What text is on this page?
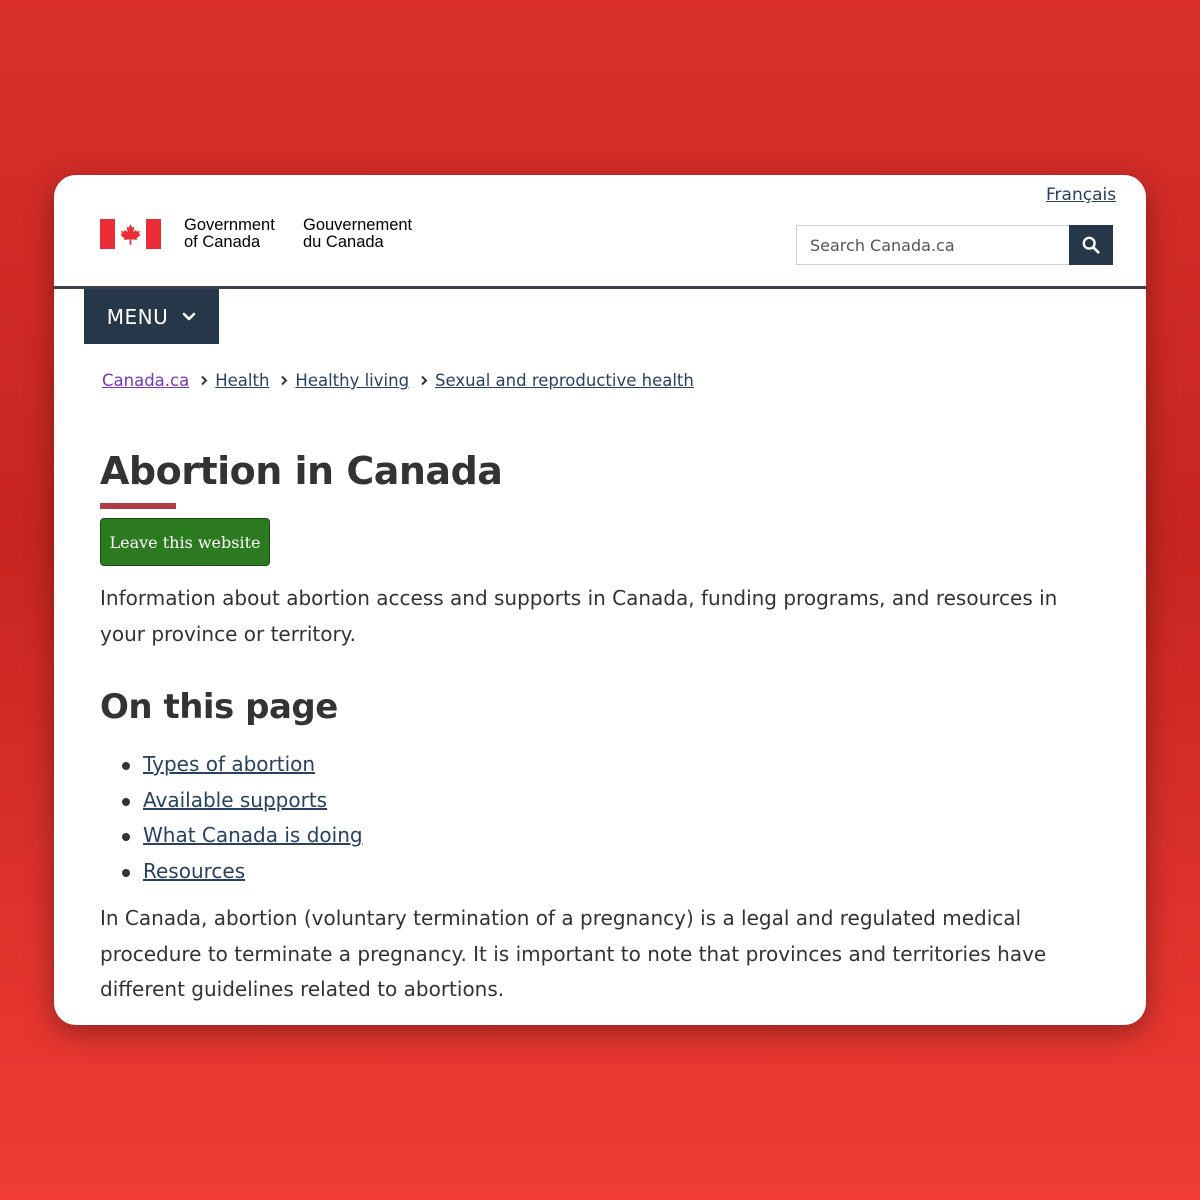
Français
Government
of Canada
Gouvernement
du Canada
Search Canada.ca
MENU
Canada.ca Health Healthy living Sexual and reproductive health
Abortion in Canada
Leave this website

Information about abortion access and supports in Canada, funding programs, and resources in your province or territory.

On this page
Types of abortion
Available supports
What Canada is doing
Resources

In Canada, abortion (voluntary termination of a pregnancy) is a legal and regulated medical procedure to terminate a pregnancy. It is important to note that provinces and territories have different guidelines related to abortions.
